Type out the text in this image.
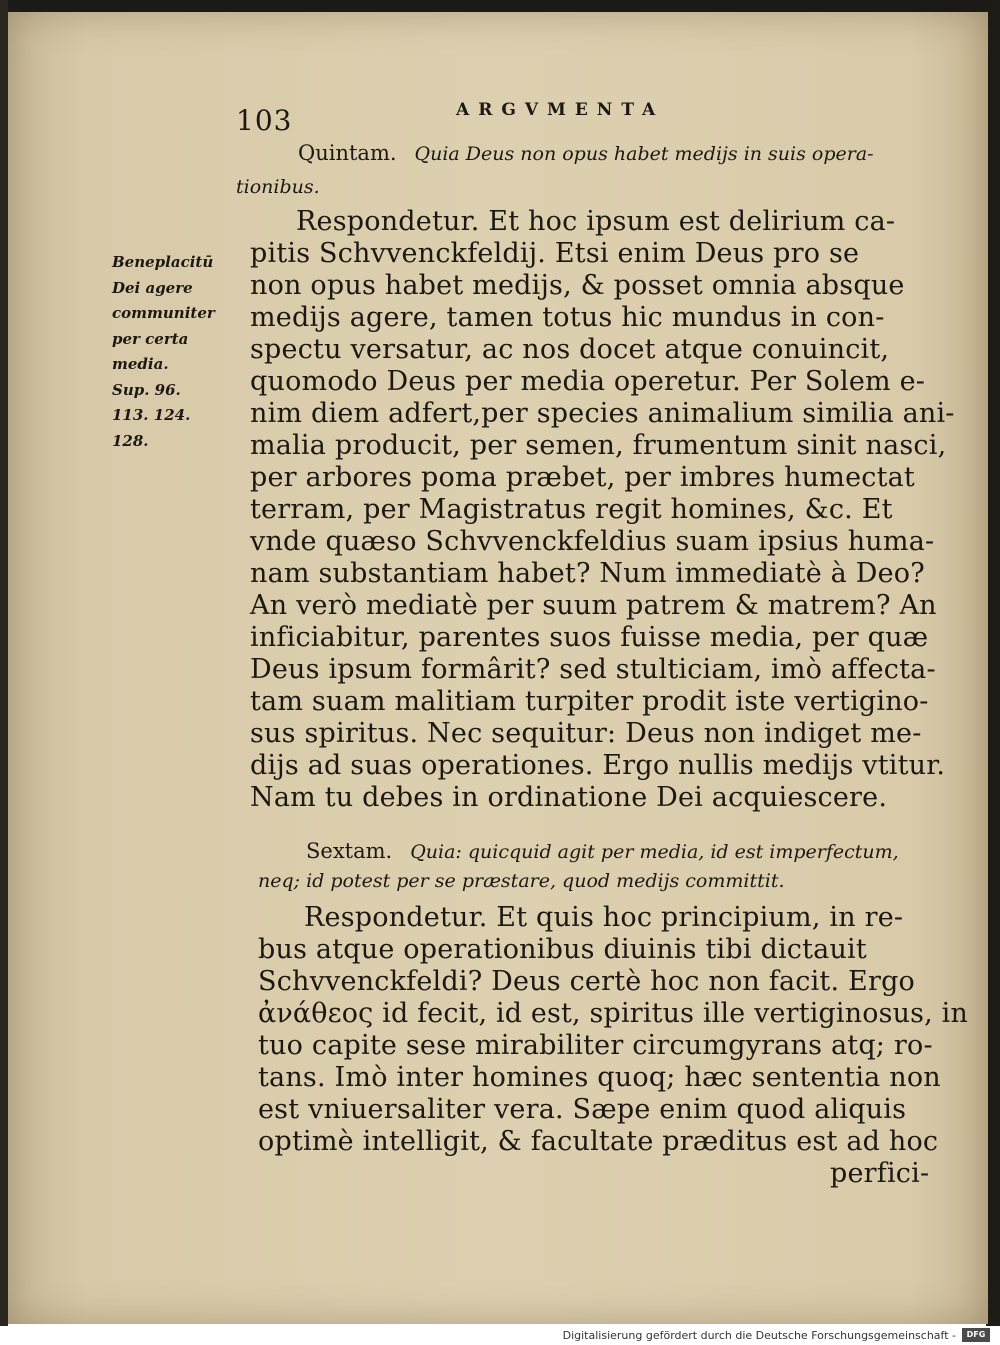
103	ARGVMENTA
Quintam. Quia Deus non opus habet medijs in suis opera-
tionibus.
Respondetur. Et hoc ipsum est delirium ca-
pitis Schvvenckfeldij. Etsi enim Deus pro se
non opus habet medijs, & posset omnia absque
medijs agere, tamen totus hic mundus in con-
spectu versatur, ac nos docet atque conuincit,
quomodo Deus per media operetur. Per Solem e-
nim diem adfert,per species animalium similia ani-
malia producit, per semen, frumentum sinit nasci,
per arbores poma præbet, per imbres humectat
terram, per Magistratus regit homines, &c. Et
vnde quæso Schvvenckfeldius suam ipsius huma-
nam substantiam habet? Num immediatè à Deo?
An verò mediatè per suum patrem & matrem? An
inficiabitur, parentes suos fuisse media, per quæ
Deus ipsum formârit? sed stulticiam, imò affecta-
tam suam malitiam turpiter prodit iste vertigino-
sus spiritus. Nec sequitur: Deus non indiget me-
dijs ad suas operationes. Ergo nullis medijs vtitur.
Nam tu debes in ordinatione Dei acquiescere.
Beneplacitū
Dei agere
communiter
per certa
media.
Sup. 96.
113. 124.
128.
Sextam. Quia: quicquid agit per media, id est imperfectum,
neq; id potest per se præstare, quod medijs committit.
Respondetur. Et quis hoc principium, in re-
bus atque operationibus diuinis tibi dictauit
Schvvenckfeldi? Deus certè hoc non facit. Ergo
ἀνάθεος id fecit, id est, spiritus ille vertiginosus, in
tuo capite sese mirabiliter circumgyrans atq; ro-
tans. Imò inter homines quoq; hæc sententia non
est vniuersaliter vera. Sæpe enim quod aliquis
optimè intelligit, & facultate præditus est ad hoc
perfici-
Digitalisierung gefördert durch die Deutsche Forschungsgemeinschaft -	DFG
